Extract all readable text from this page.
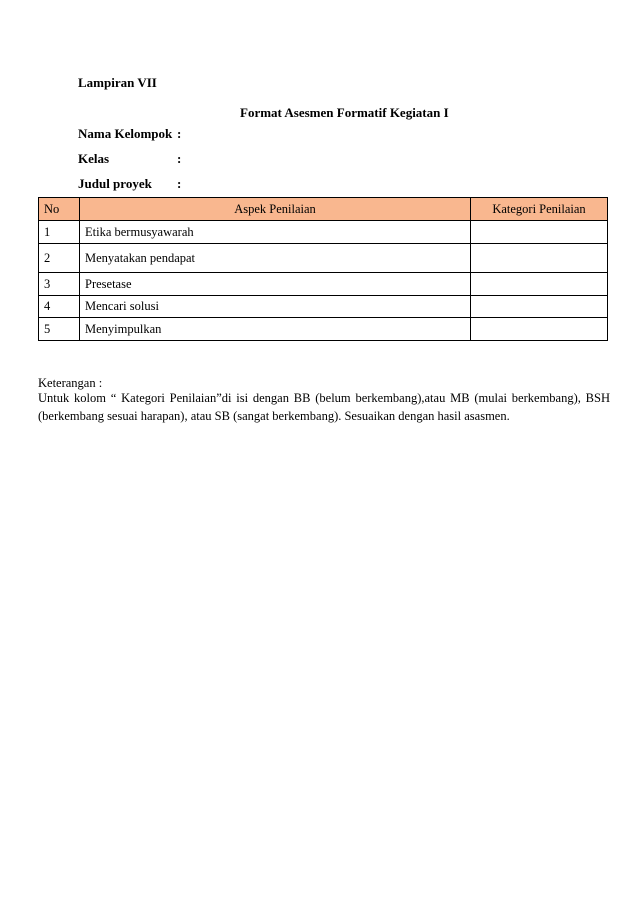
Lampiran VII
Format Asesmen Formatif Kegiatan I
Nama Kelompok :
Kelas	:
Judul proyek :
No	Aspek Penilaian	Kategori Penilaian
1	Etika bermusyawarah	
2	Menyatakan pendapat	
3	Presetase	
4	Mencari solusi	
5	Menyimpulkan	
Keterangan :
Untuk kolom “ Kategori Penilaian”di isi dengan BB (belum berkembang),atau MB (mulai berkembang), BSH (berkembang sesuai harapan), atau SB (sangat berkembang). Sesuaikan dengan hasil asasmen.
